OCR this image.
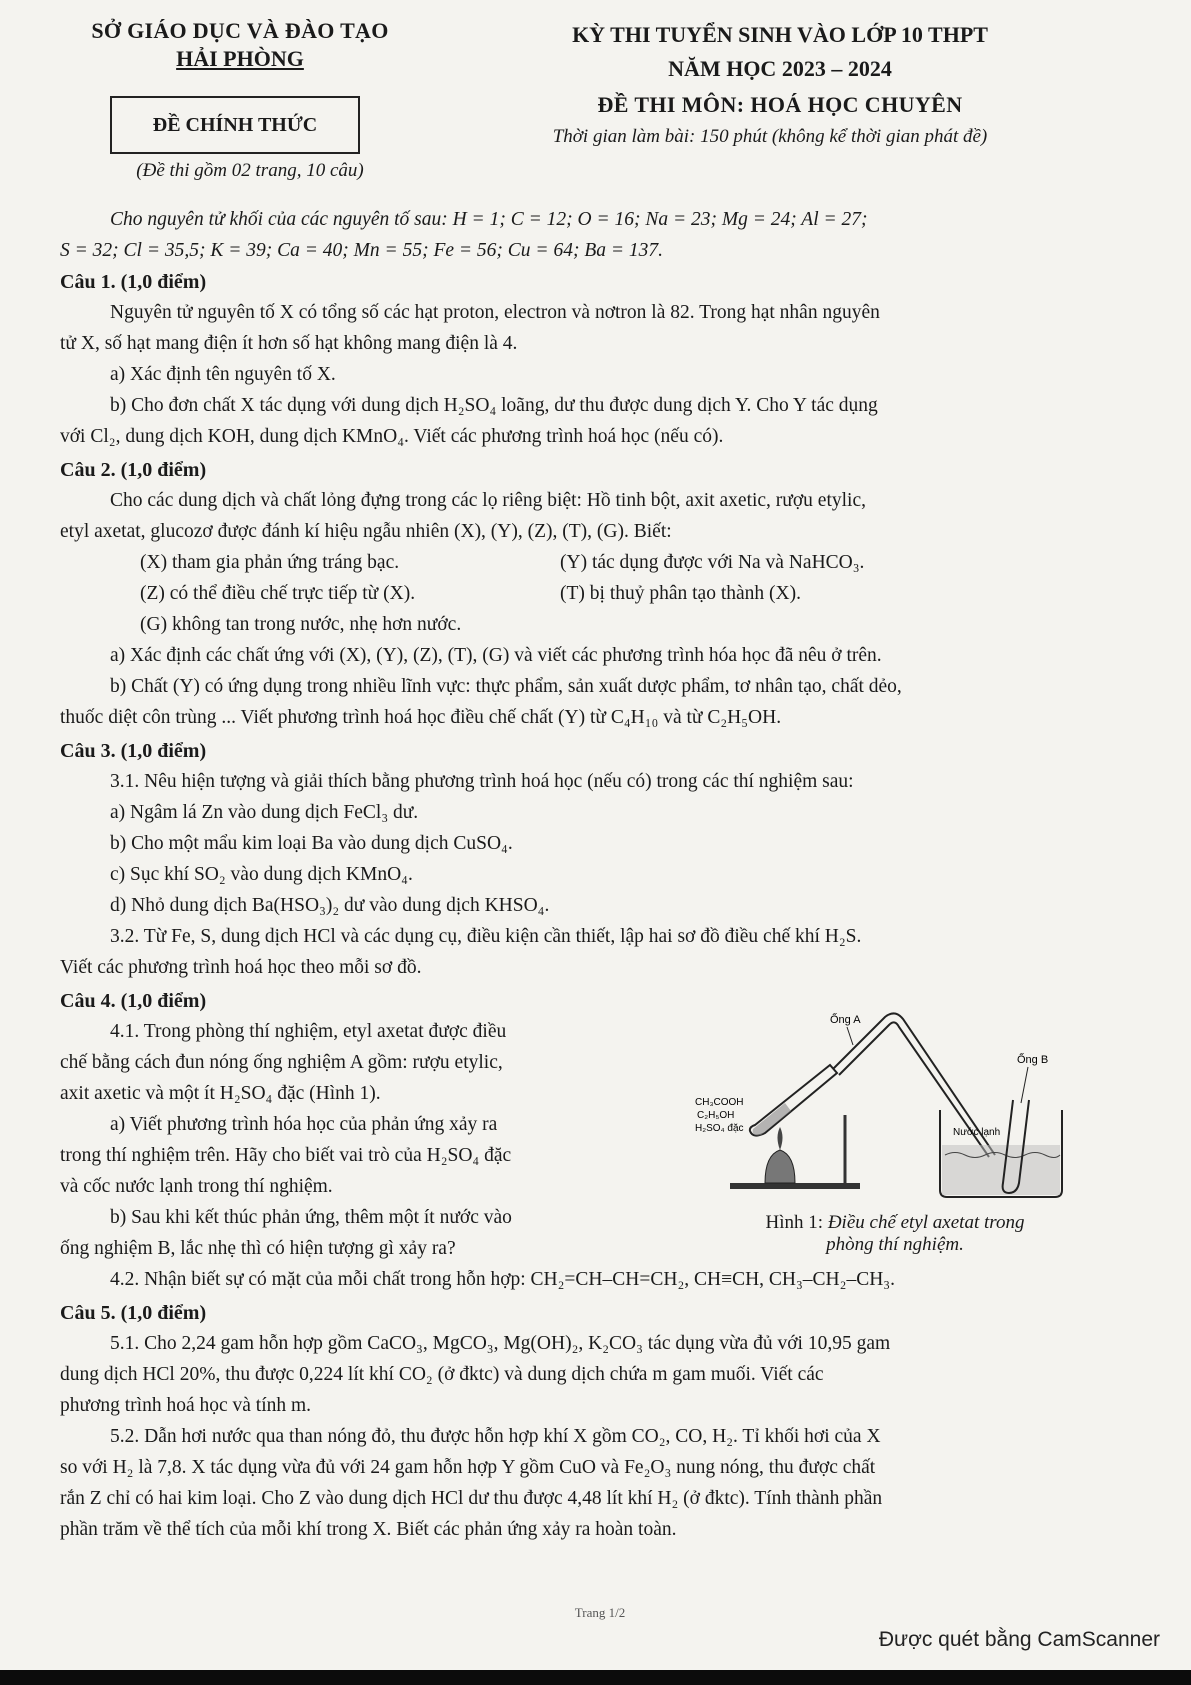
SỞ GIÁO DỤC VÀ ĐÀO TẠO
HẢI PHÒNG
KỲ THI TUYỂN SINH VÀO LỚP 10 THPT
NĂM HỌC 2023 – 2024
ĐỀ CHÍNH THỨC
ĐỀ THI MÔN: HOÁ HỌC CHUYÊN
Thời gian làm bài: 150 phút (không kể thời gian phát đề)
(Đề thi gồm 02 trang, 10 câu)
Cho nguyên tử khối của các nguyên tố sau: H = 1; C = 12; O = 16; Na = 23; Mg = 24; Al = 27;
S = 32; Cl = 35,5; K = 39; Ca = 40; Mn = 55; Fe = 56; Cu = 64; Ba = 137.
Câu 1. (1,0 điểm)
Nguyên tử nguyên tố X có tổng số các hạt proton, electron và nơtron là 82. Trong hạt nhân nguyên
tử X, số hạt mang điện ít hơn số hạt không mang điện là 4.
a) Xác định tên nguyên tố X.
b) Cho đơn chất X tác dụng với dung dịch H₂SO₄ loãng, dư thu được dung dịch Y. Cho Y tác dụng
với Cl₂, dung dịch KOH, dung dịch KMnO₄. Viết các phương trình hoá học (nếu có).
Câu 2. (1,0 điểm)
Cho các dung dịch và chất lỏng đựng trong các lọ riêng biệt: Hồ tinh bột, axit axetic, rượu etylic,
etyl axetat, glucozơ được đánh kí hiệu ngẫu nhiên (X), (Y), (Z), (T), (G). Biết:
(X) tham gia phản ứng tráng bạc.	(Y) tác dụng được với Na và NaHCO₃.
(Z) có thể điều chế trực tiếp từ (X).	(T) bị thuỷ phân tạo thành (X).
(G) không tan trong nước, nhẹ hơn nước.
a) Xác định các chất ứng với (X), (Y), (Z), (T), (G) và viết các phương trình hóa học đã nêu ở trên.
b) Chất (Y) có ứng dụng trong nhiều lĩnh vực: thực phẩm, sản xuất dược phẩm, tơ nhân tạo, chất dẻo,
thuốc diệt côn trùng ... Viết phương trình hoá học điều chế chất (Y) từ C₄H₁₀ và từ C₂H₅OH.
Câu 3. (1,0 điểm)
3.1. Nêu hiện tượng và giải thích bằng phương trình hoá học (nếu có) trong các thí nghiệm sau:
a) Ngâm lá Zn vào dung dịch FeCl₃ dư.
b) Cho một mẩu kim loại Ba vào dung dịch CuSO₄.
c) Sục khí SO₂ vào dung dịch KMnO₄.
d) Nhỏ dung dịch Ba(HSO₃)₂ dư vào dung dịch KHSO₄.
3.2. Từ Fe, S, dung dịch HCl và các dụng cụ, điều kiện cần thiết, lập hai sơ đồ điều chế khí H₂S.
Viết các phương trình hoá học theo mỗi sơ đồ.
Câu 4. (1,0 điểm)
4.1. Trong phòng thí nghiệm, etyl axetat được điều
chế bằng cách đun nóng ống nghiệm A gồm: rượu etylic,
axit axetic và một ít H₂SO₄ đặc (Hình 1).
a) Viết phương trình hóa học của phản ứng xảy ra
trong thí nghiệm trên. Hãy cho biết vai trò của H₂SO₄ đặc
và cốc nước lạnh trong thí nghiệm.
b) Sau khi kết thúc phản ứng, thêm một ít nước vào
ống nghiệm B, lắc nhẹ thì có hiện tượng gì xảy ra?
4.2. Nhận biết sự có mặt của mỗi chất trong hỗn hợp: CH₂=CH–CH=CH₂, CH≡CH, CH₃–CH₂–CH₃.
Câu 5. (1,0 điểm)
5.1. Cho 2,24 gam hỗn hợp gồm CaCO₃, MgCO₃, Mg(OH)₂, K₂CO₃ tác dụng vừa đủ với 10,95 gam
dung dịch HCl 20%, thu được 0,224 lít khí CO₂ (ở đktc) và dung dịch chứa m gam muối. Viết các
phương trình hoá học và tính m.
5.2. Dẫn hơi nước qua than nóng đỏ, thu được hỗn hợp khí X gồm CO₂, CO, H₂. Tỉ khối hơi của X
so với H₂ là 7,8. X tác dụng vừa đủ với 24 gam hỗn hợp Y gồm CuO và Fe₂O₃ nung nóng, thu được chất
rắn Z chỉ có hai kim loại. Cho Z vào dung dịch HCl dư thu được 4,48 lít khí H₂ (ở đktc). Tính thành phần
phần trăm về thể tích của mỗi khí trong X. Biết các phản ứng xảy ra hoàn toàn.
Ống A
Ống B
CH₃COOH
C₂H₅OH
H₂SO₄ đặc	Nước lạnh
Hình 1: Điều chế etyl axetat trong
phòng thí nghiệm.
Trang 1/2
Được quét bằng CamScanner
